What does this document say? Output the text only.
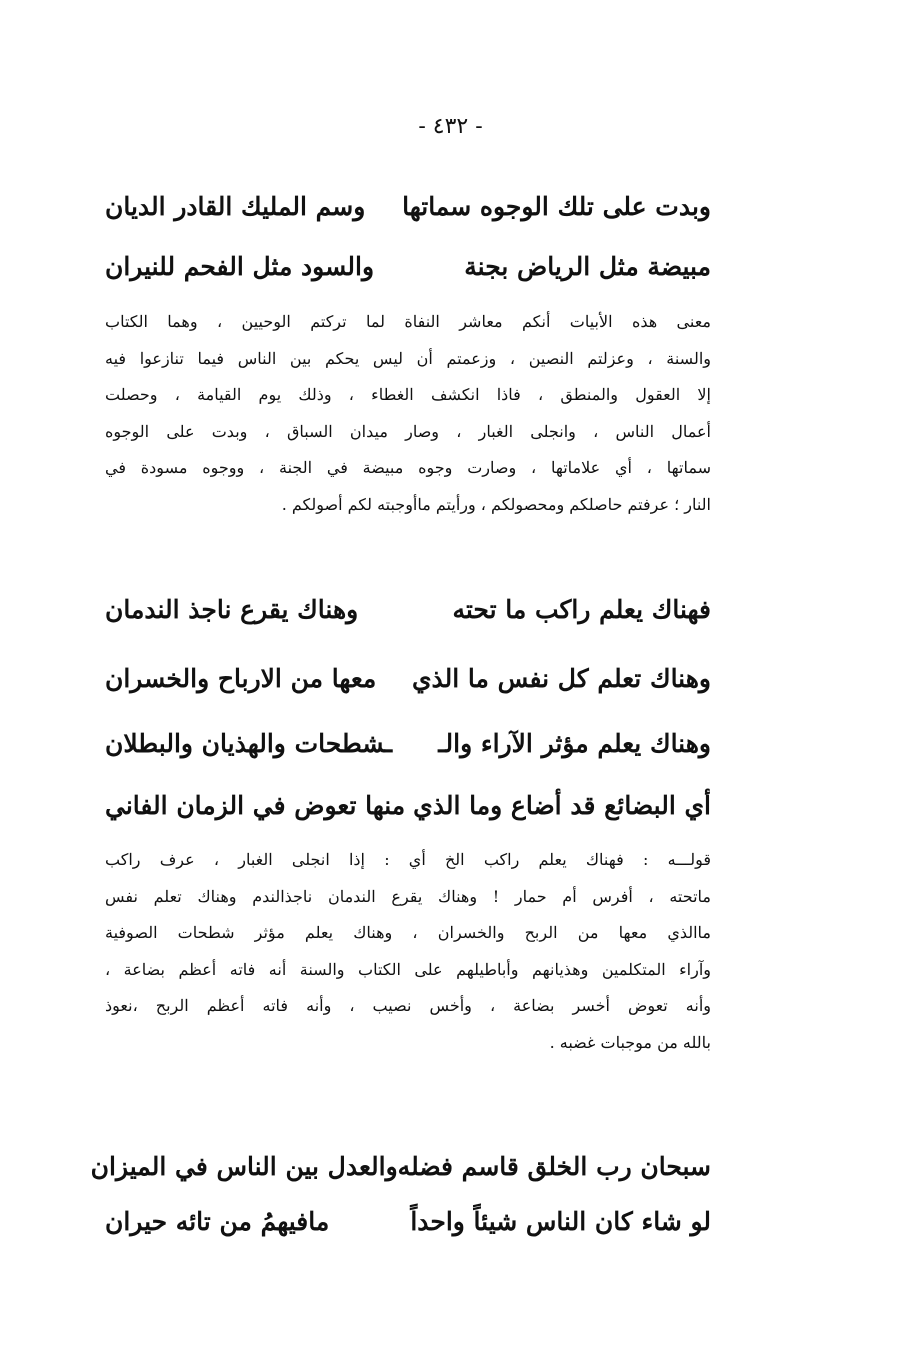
- ٤٣٢ -
وبدت على تلك الوجوه سماتها
وسم المليك القادر الديان
مبيضة مثل الرياض بجنة
والسود مثل الفحم للنيران
معنى هذه الأبيات أنكم معاشر النفاة لما تركتم الوحيين ، وهما الكتاب
والسنة ، وعزلتم النصين ، وزعمتم أن ليس يحكم بين الناس فيما تنازعوا فيه
إلا العقول والمنطق ، فاذا انكشف الغطاء ، وذلك يوم القيامة ، وحصلت
أعمال الناس ، وانجلى الغبار ، وصار ميدان السباق ، وبدت على الوجوه
سماتها ، أي علاماتها ، وصارت وجوه مبيضة في الجنة ، ووجوه مسودة في
النار ؛ عرفتم حاصلكم ومحصولكم ، ورأيتم ماأوجبته لكم أصولكم .
فهناك يعلم راكب ما تحته
وهناك يقرع ناجذ الندمان
وهناك تعلم كل نفس ما الذي
معها من الارباح والخسران
وهناك يعلم مؤثر الآراء والـ
ـشطحات والهذيان والبطلان
أي البضائع قد أضاع وما الذي
منها تعوض في الزمان الفاني
قولـــه : فهناك يعلم راكب الخ أي : إذا انجلى الغبار ، عرف راكب
ماتحته ، أفرس أم حمار ! وهناك يقرع الندمان ناجذالندم وهناك تعلم نفس
ماالذي معها من الربح والخسران ، وهناك يعلم مؤثر شطحات الصوفية
وآراء المتكلمين وهذيانهم وأباطيلهم على الكتاب والسنة أنه فاته أعظم بضاعة ،
وأنه تعوض أخسر بضاعة ، وأخس نصيب ، وأنه فاته أعظم الربح ،نعوذ
بالله من موجبات غضبه .
سبحان رب الخلق قاسم فضله
والعدل بين الناس في الميزان
لو شاء كان الناس شيئاً واحداً
مافيهمُ من تائه حيران
